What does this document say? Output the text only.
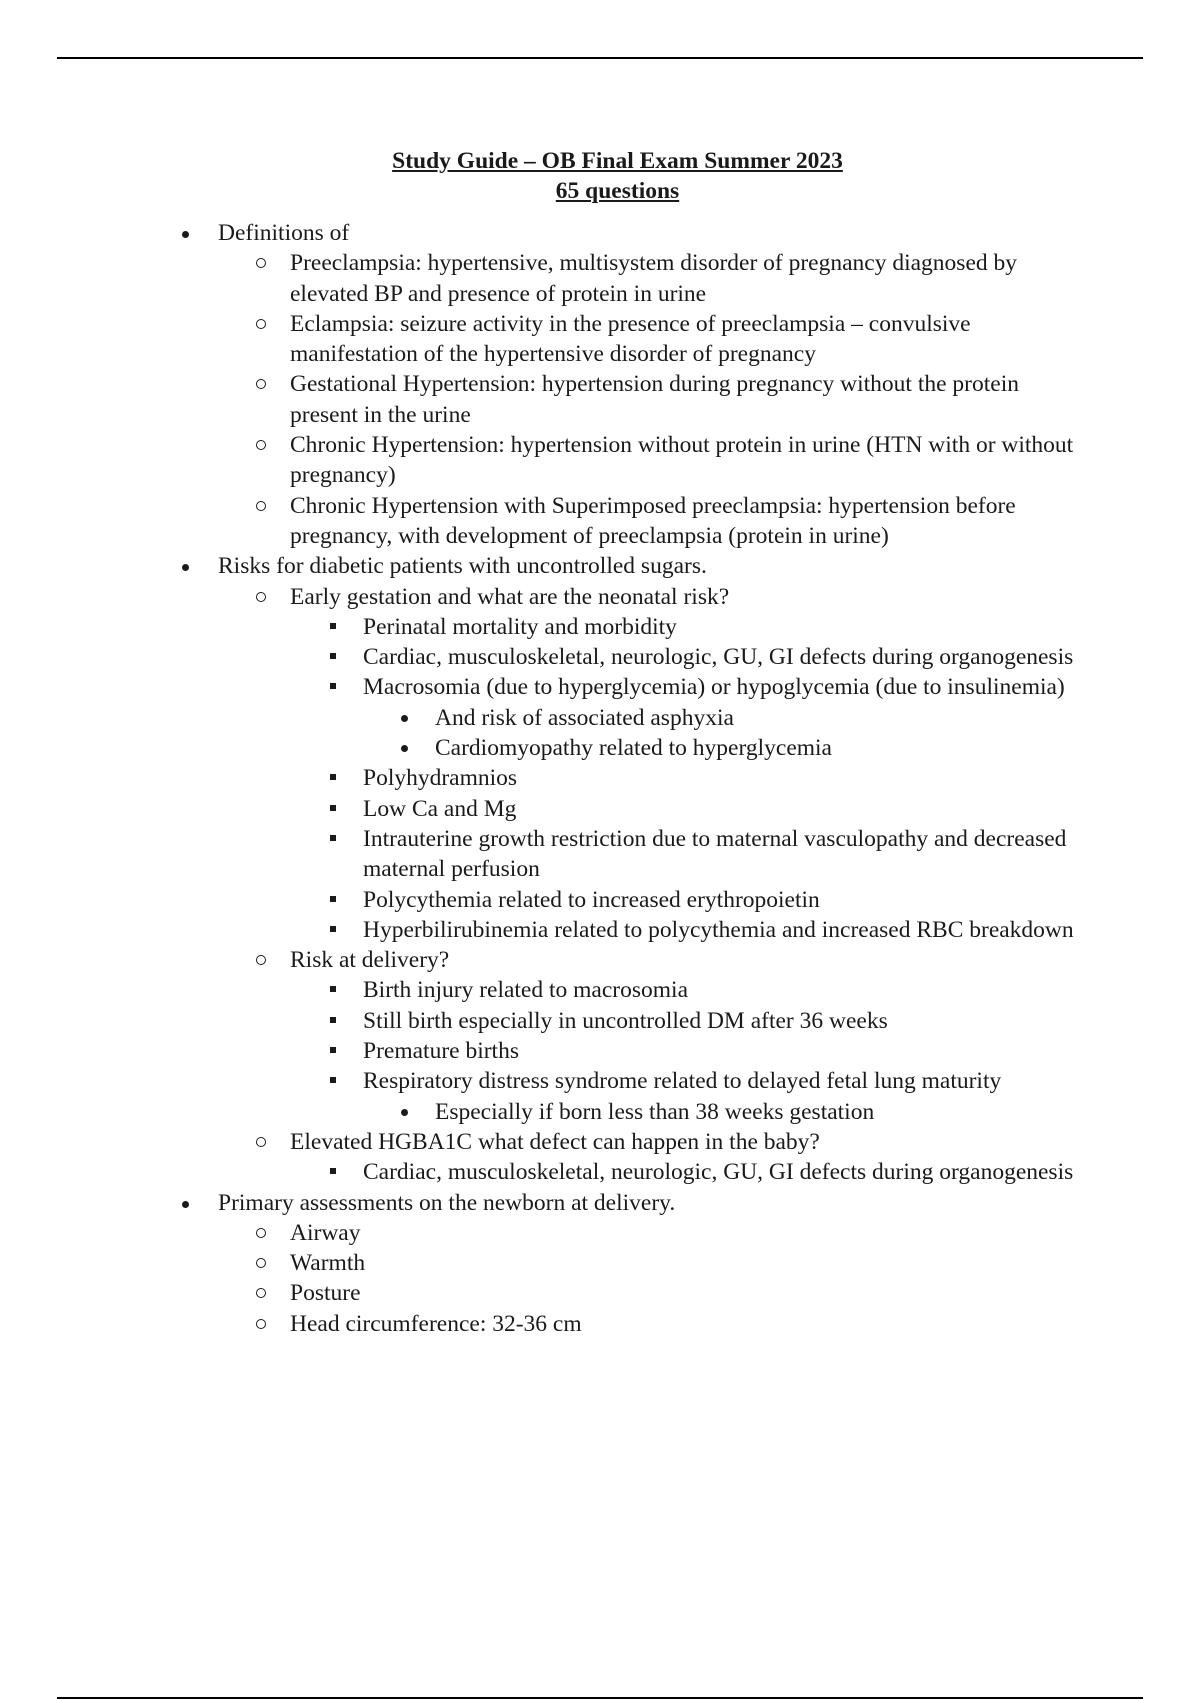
Study Guide – OB Final Exam Summer 2023
65 questions
Definitions of
Preeclampsia: hypertensive, multisystem disorder of pregnancy diagnosed by elevated BP and presence of protein in urine
Eclampsia: seizure activity in the presence of preeclampsia – convulsive manifestation of the hypertensive disorder of pregnancy
Gestational Hypertension: hypertension during pregnancy without the protein present in the urine
Chronic Hypertension: hypertension without protein in urine (HTN with or without pregnancy)
Chronic Hypertension with Superimposed preeclampsia: hypertension before pregnancy, with development of preeclampsia (protein in urine)
Risks for diabetic patients with uncontrolled sugars.
Early gestation and what are the neonatal risk?
Perinatal mortality and morbidity
Cardiac, musculoskeletal, neurologic, GU, GI defects during organogenesis
Macrosomia (due to hyperglycemia) or hypoglycemia (due to insulinemia)
And risk of associated asphyxia
Cardiomyopathy related to hyperglycemia
Polyhydramnios
Low Ca and Mg
Intrauterine growth restriction due to maternal vasculopathy and decreased maternal perfusion
Polycythemia related to increased erythropoietin
Hyperbilirubinemia related to polycythemia and increased RBC breakdown
Risk at delivery?
Birth injury related to macrosomia
Still birth especially in uncontrolled DM after 36 weeks
Premature births
Respiratory distress syndrome related to delayed fetal lung maturity
Especially if born less than 38 weeks gestation
Elevated HGBA1C what defect can happen in the baby?
Cardiac, musculoskeletal, neurologic, GU, GI defects during organogenesis
Primary assessments on the newborn at delivery.
Airway
Warmth
Posture
Head circumference: 32-36 cm
